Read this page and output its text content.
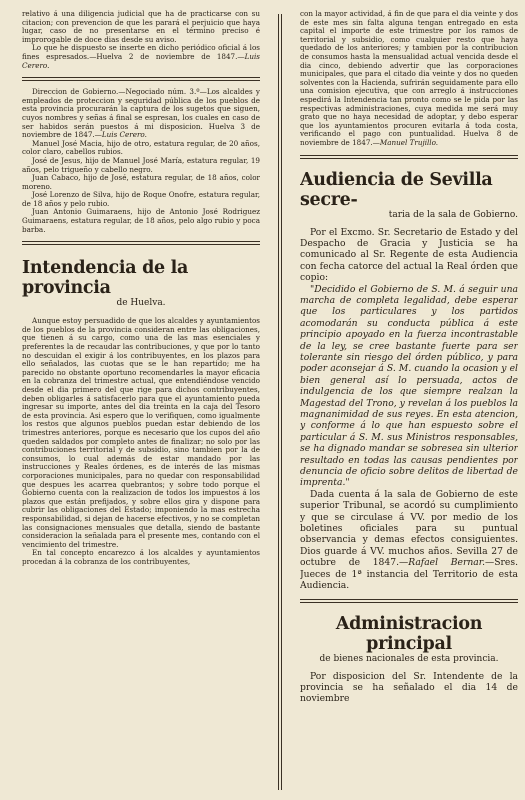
relativo á una diligencia judicial que ha de practicarse con su citacion; con prevencion de que les parará el perjuicio que haya lugar, caso de no presentarse en el término preciso é improrogable de doce dias desde su aviso.

Lo que he dispuesto se inserte en dicho periódico oficial á los fines espresados.—Huelva 2 de noviembre de 1847.—Luis Cerero.

Direccion de Gobierno.—Negociado núm. 3.º—Los alcaldes y empleados de proteccion y seguridad pública de los pueblos de esta provincia procurarán la captura de los sugetos que siguen, cuyos nombres y señas á final se espresan, los cuales en caso de ser habidos serán puestos á mi disposicion. Huelva 3 de noviembre de 1847.—Luis Cerero.

Manuel José Macia, hijo de otro, estatura regular, de 20 años, color claro, cabellos rubios.

José de Jesus, hijo de Manuel José María, estatura regular, 19 años, pelo trigueño y cabello negro.

Juan Cabaco, hijo de José, estatura regular, de 18 años, color moreno.

José Lorenzo de Silva, hijo de Roque Onofre, estatura regular, de 18 años y pelo rubio.

Juan Antonio Guimaraens, hijo de Antonio José Rodriguez Guimaraens, estatura regular, de 18 años, pelo algo rubio y poca barba.

Intendencia de la provincia

de Huelva.

Aunque estoy persuadido de que los alcaldes y ayuntamientos de los pueblos de la provincia consideran entre las obligaciones, que tienen á su cargo, como una de las mas esenciales y preferentes la de recaudar las contribuciones, y que por lo tanto no descuidan el exigir á los contribuyentes, en los plazos para ello señalados, las cuotas que se le han repartido; me ha parecido no obstante oportuno recomendarles la mayor eficacia en la cobranza del trimestre actual, que entendiéndose vencido desde el dia primero del que rige para dichos contribuyentes, deben obligarles á satisfacerlo para que el ayuntamiento pueda ingresar su importe, antes del dia treinta en la caja del Tesoro de esta provincia. Asi espero que lo verifiquen, como igualmente los restos que algunos pueblos puedan estar debiendo de los trimestres anteriores, porque es necesario que los cupos del año queden saldados por completo antes de finalizar; no solo por las contribuciones territorial y de subsidio, sino tambien por la de consumos, lo cual además de estar mandado por las instrucciones y Reales órdenes, es de interés de las mismas corporaciones municipales, para no quedar con responsabilidad que despues les acarrea quebrantos; y sobre todo porque el Gobierno cuenta con la realizacion de todos los impuestos á los plazos que están prefijados, y sobre ellos gira y dispone para cubrir las obligaciones del Estado; imponiendo la mas estrecha responsabilidad, si dejan de hacerse efectivos, y no se completan las consignaciones mensuales que detalla, siendo de bastante consideracion la señalada para el presente mes, contando con el vencimiento del trimestre.

En tal concepto encarezco á los alcaldes y ayuntamientos procedan á la cobranza de los contribuyentes,

con la mayor actividad, á fin de que para el dia veinte y dos de este mes sin falta alguna tengan entregado en esta capital el importe de este trimestre por los ramos de territorial y subsidio, como cualquier resto que haya quedado de los anteriores; y tambien por la contribucion de consumos hasta la mensualidad actual vencida desde el dia cinco, debiendo advertir que las corporaciones municipales, que para el citado dia veinte y dos no queden solventes con la Hacienda, sufrirán seguidamente para ello una comision ejecutiva, que con arreglo á instrucciones espedirá la Intendencia tan pronto como se le pida por las respectivas administraciones, cuya medida me será muy grato que no haya necesidad de adoptar, y debo esperar que los ayuntamientos procuren evitarla á toda costa, verificando el pago con puntualidad. Huelva 8 de noviembre de 1847.—Manuel Trujillo.

Audiencia de Sevilla secre-

taria de la sala de Gobierno.

Por el Excmo. Sr. Secretario de Estado y del Despacho de Gracia y Justicia se ha comunicado al Sr. Regente de esta Audiencia con fecha catorce del actual la Real órden que copio:

"Decidido el Gobierno de S. M. á seguir una marcha de completa legalidad, debe esperar que los particulares y los partidos acomodarán su conducta pública á este principio apoyado en la fuerza incontrastable de la ley, se cree bastante fuerte para ser tolerante sin riesgo del órden público, y para poder aconsejar á S. M. cuando la ocasion y el bien general así lo persuada, actos de indulgencia de los que siempre realzan la Magestad del Trono, y revelan á los pueblos la magnanimidad de sus reyes. En esta atencion, y conforme á lo que han espuesto sobre el particular á S. M. sus Ministros responsables, se ha dignado mandar se sobresea sin ulterior resultado en todas las causas pendientes por denuncia de oficio sobre delitos de libertad de imprenta."

Dada cuenta á la sala de Gobierno de este superior Tribunal, se acordó su cumplimiento y que se circulase á VV. por medio de los boletines oficiales para su puntual observancia y demas efectos consiguientes. Dios guarde á VV. muchos años. Sevilla 27 de octubre de 1847.—Rafael Bernar.—Sres. Jueces de 1ª instancia del Territorio de esta Audiencia.

Administracion principal

de bienes nacionales de esta provincia.

Por disposicion del Sr. Intendente de la provincia se ha señalado el dia 14 de noviembre
